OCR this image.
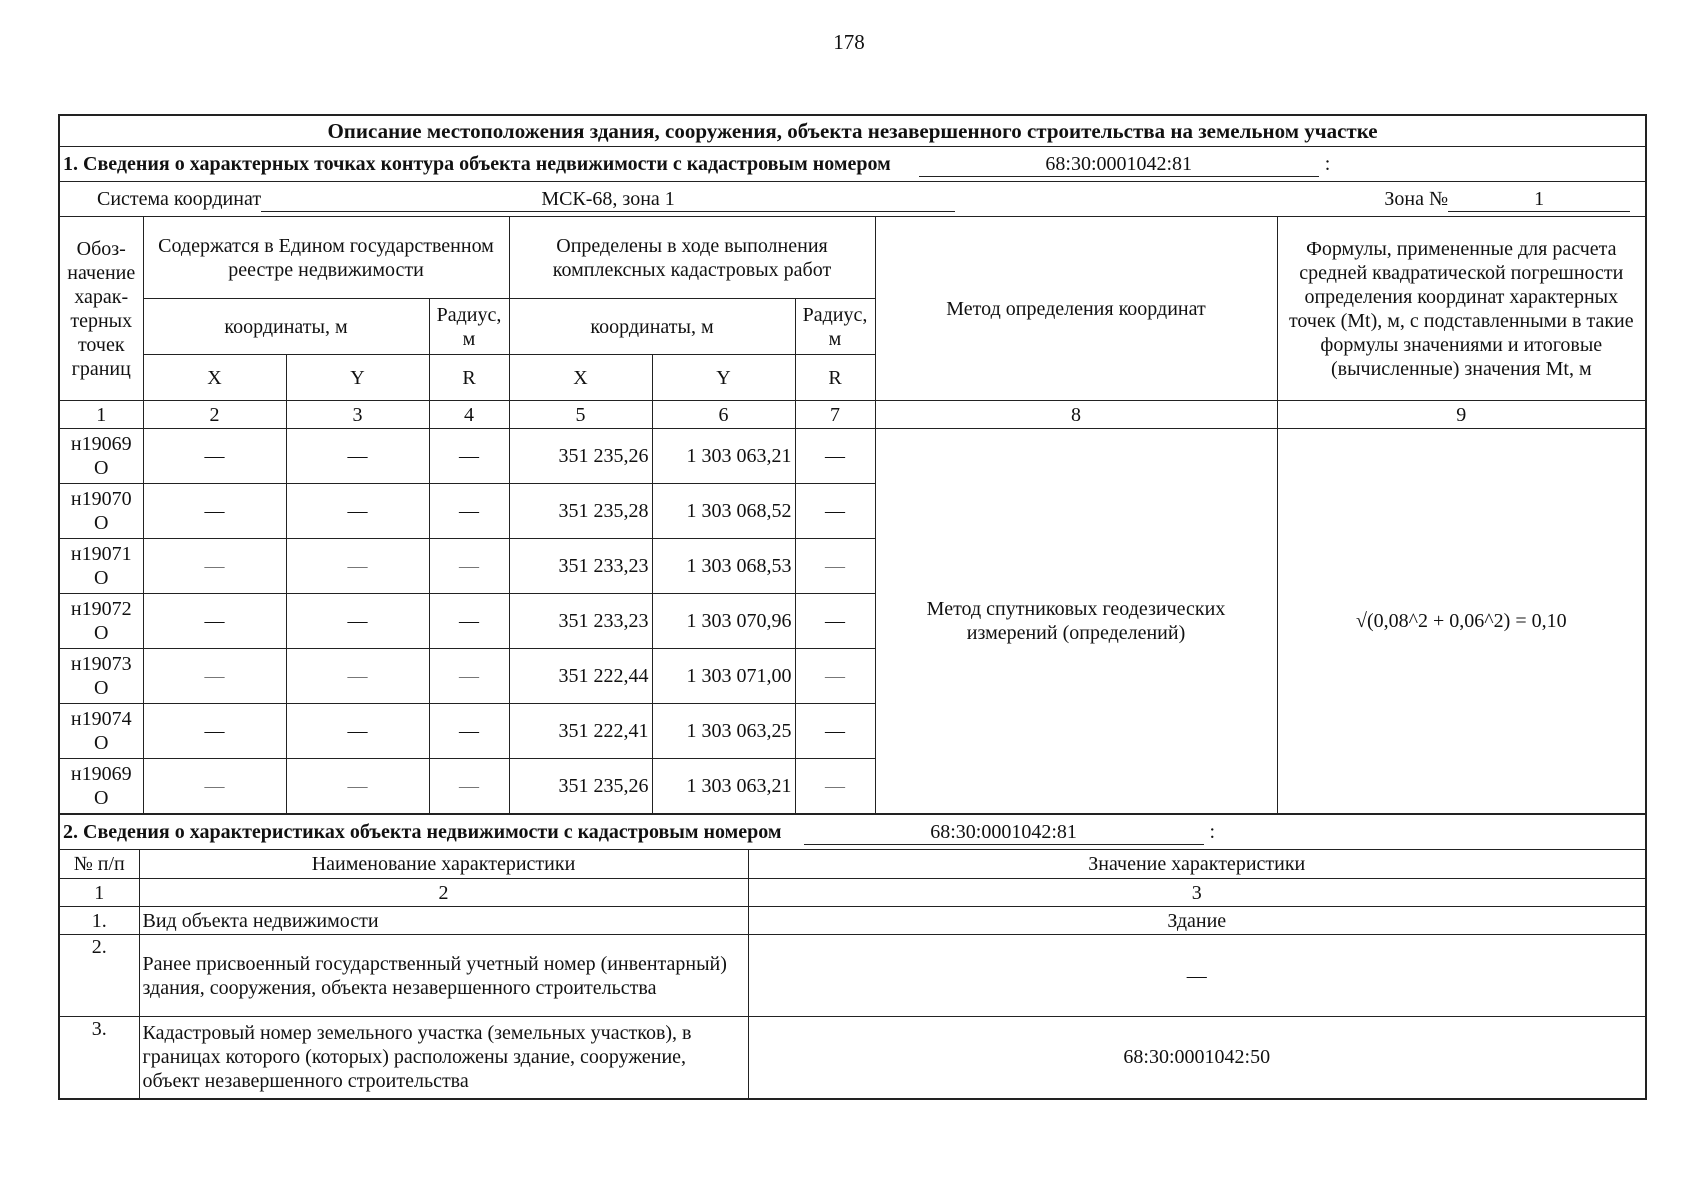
178
Описание местоположения здания, сооружения, объекта незавершенного строительства на земельном участке								

1. Сведения о характерных точках контура объекта недвижимости с кадастровым номером 68:30:0001042:81 :								

Система координат МСК-68, зона 1 Зона № 1								

Обоз-начение харак-терных точек границ	Содержатся в Едином государственном реестре недвижимости			Определены в ходе выполнения комплексных кадастровых работ			Метод определения координат	Формулы, примененные для расчета средней квадратической погрешности определения координат характерных точек (Mt), м, с подставленными в такие формулы значениями и итоговые (вычисленные) значения Mt, м
	координаты, м		Радиус, м	координаты, м		Радиус, м		
	X	Y	R	X	Y	R		
1	2	3	4	5	6	7	8	9
н19069 О	—	—	—	351 235,26	1 303 063,21	—	Метод спутниковых геодезических измерений (определений)	√(0,08^2 + 0,06^2) = 0,10
н19070 О	—	—	—	351 235,28	1 303 068,52	—		
н19071 О	—	—	—	351 233,23	1 303 068,53	—		
н19072 О	—	—	—	351 233,23	1 303 070,96	—		
н19073 О	—	—	—	351 222,44	1 303 071,00	—		
н19074 О	—	—	—	351 222,41	1 303 063,25	—		
н19069 О	—	—	—	351 235,26	1 303 063,21	—		
2. Сведения о характеристиках объекта недвижимости с кадастровым номером 68:30:0001042:81 :		

№ п/п	Наименование характеристики	Значение характеристики
1	2	3
1.	Вид объекта недвижимости	Здание
2.	Ранее присвоенный государственный учетный номер (инвентарный) здания, сооружения, объекта незавершенного строительства	—
3.	Кадастровый номер земельного участка (земельных участков), в границах которого (которых) расположены здание, сооружение, объект незавершенного строительства	68:30:0001042:50
